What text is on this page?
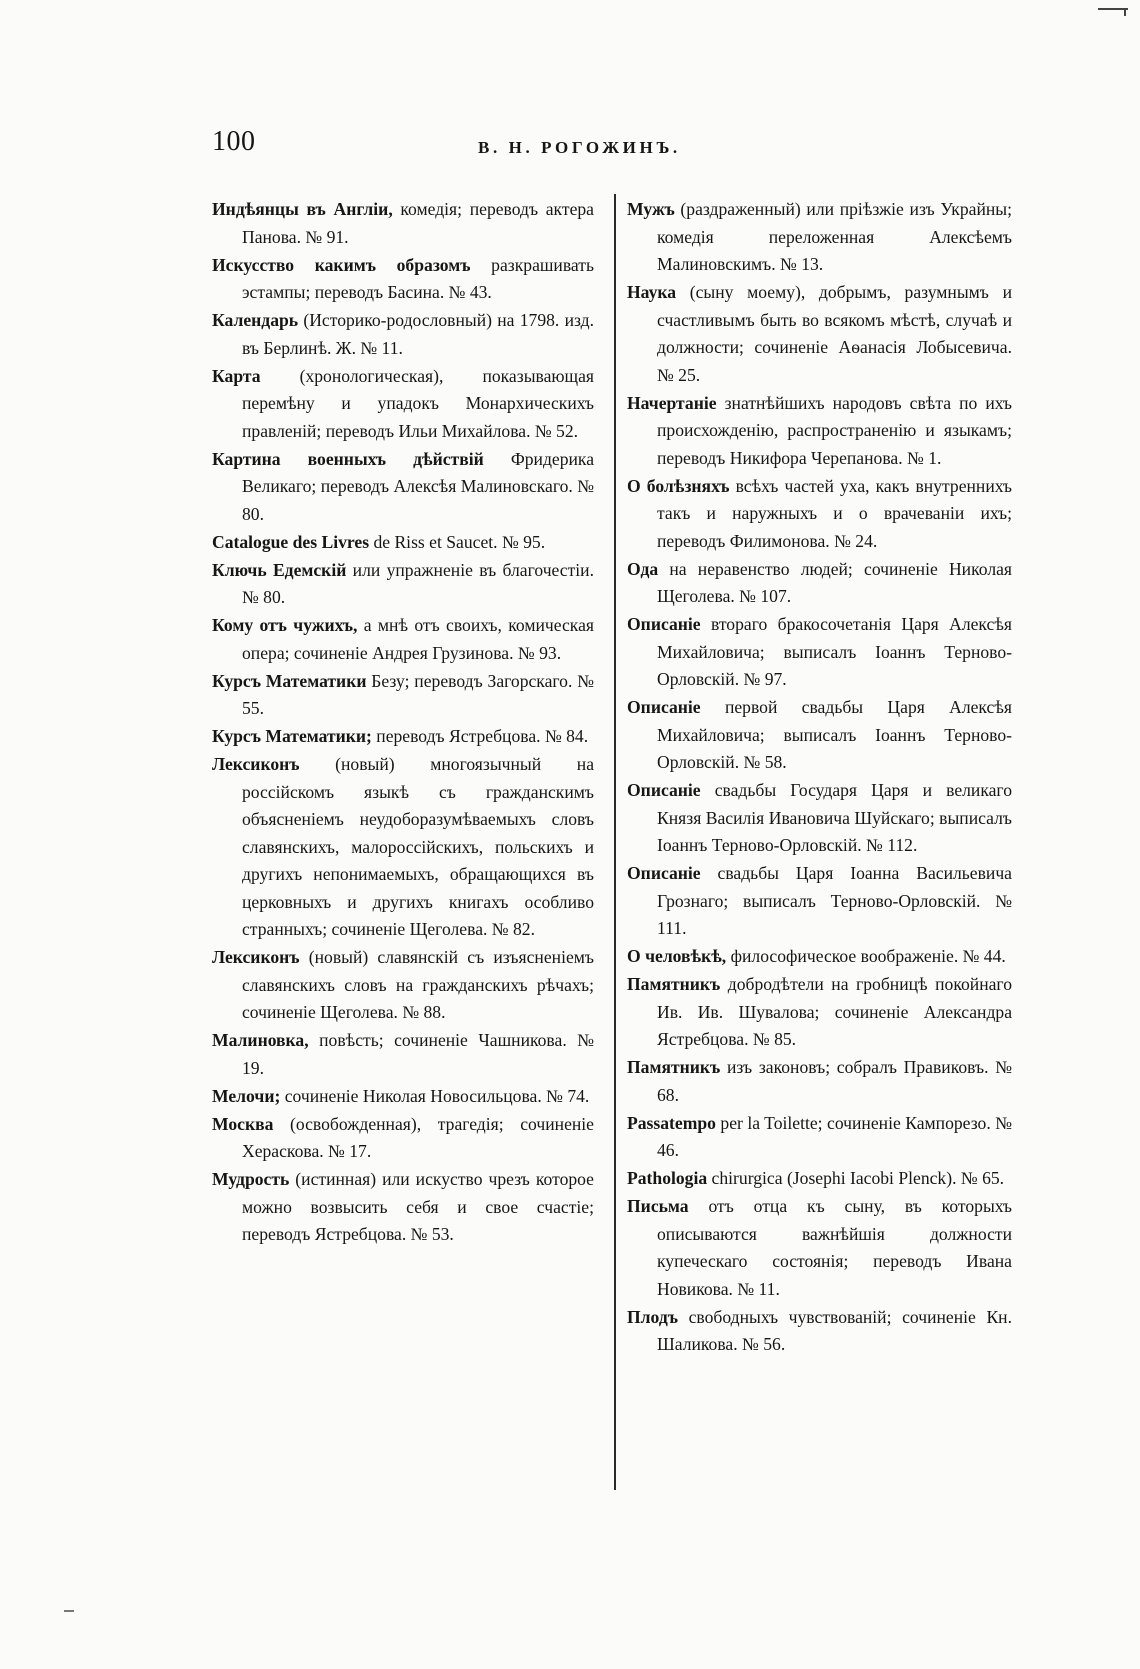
100	В. Н. РОГОЖИНЪ.

Индѣянцы въ Англіи, комедія; переводъ актера Панова. № 91.

Искусство какимъ образомъ разкрашивать эстампы; переводъ Басина. № 43.

Календарь (Историко-родословный) на 1798. изд. въ Берлинѣ. Ж. № 11.

Карта (хронологическая), показывающая перемѣну и упадокъ Монархическихъ правленій; переводъ Ильи Михайлова. № 52.

Картина военныхъ дѣйствій Фридерика Великаго; переводъ Алексѣя Малиновскаго. № 80.

Catalogue des Livres de Riss et Saucet. № 95.

Ключь Едемскій или упражненіе въ благочестіи. № 80.

Кому отъ чужихъ, а мнѣ отъ своихъ, комическая опера; сочиненіе Андрея Грузинова. № 93.

Курсъ Математики Безу; переводъ Загорскаго. № 55.

Курсъ Математики; переводъ Ястребцова. № 84.

Лексиконъ (новый) многоязычный на россійскомъ языкѣ съ гражданскимъ объясненіемъ неудоборазумѣваемыхъ словъ славянскихъ, малороссійскихъ, польскихъ и другихъ непонимаемыхъ, обращающихся въ церковныхъ и другихъ книгахъ особливо странныхъ; сочиненіе Щеголева. № 82.

Лексиконъ (новый) славянскій съ изъясненіемъ славянскихъ словъ на гражданскихъ рѣчахъ; сочиненіе Щеголева. № 88.

Малиновка, повѣсть; сочиненіе Чашникова. № 19.

Мелочи; сочиненіе Николая Новосильцова. № 74.

Москва (освобожденная), трагедія; сочиненіе Хераскова. № 17.

Мудрость (истинная) или искуство чрезъ которое можно возвысить себя и свое счастіе; переводъ Ястребцова. № 53.

Мужъ (раздраженный) или пріѣзжіе изъ Украйны; комедія переложенная Алексѣемъ Малиновскимъ. № 13.

Наука (сыну моему), добрымъ, разумнымъ и счастливымъ быть во всякомъ мѣстѣ, случаѣ и должности; сочиненіе Аѳанасія Лобысевича. № 25.

Начертаніе знатнѣйшихъ народовъ свѣта по ихъ происхожденію, распространенію и языкамъ; переводъ Никифора Черепанова. № 1.

О болѣзняхъ всѣхъ частей уха, какъ внутреннихъ такъ и наружныхъ и о врачеваніи ихъ; переводъ Филимонова. № 24.

Ода на неравенство людей; сочиненіе Николая Щеголева. № 107.

Описаніе втораго бракосочетанія Царя Алексѣя Михайловича; выписалъ Іоаннъ Терново-Орловскій. № 97.

Описаніе первой свадьбы Царя Алексѣя Михайловича; выписалъ Іоаннъ Терново-Орловскій. № 58.

Описаніе свадьбы Государя Царя и великаго Князя Василія Ивановича Шуйскаго; выписалъ Іоаннъ Терново-Орловскій. № 112.

Описаніе свадьбы Царя Іоанна Васильевича Грознаго; выписалъ Терново-Орловскій. № 111.

О человѣкѣ, философическое воображеніе. № 44.

Памятникъ добродѣтели на гробницѣ покойнаго Ив. Ив. Шувалова; сочиненіе Александра Ястребцова. № 85.

Памятникъ изъ законовъ; собралъ Правиковъ. № 68.

Passatempo per la Toilette; сочиненіе Кампорезо. № 46.

Pathologia chirurgica (Josephi Iacobi Plenck). № 65.

Письма отъ отца къ сыну, въ которыхъ описываются важнѣйшія должности купеческаго состоянія; переводъ Ивана Новикова. № 11.

Плодъ свободныхъ чувствованій; сочиненіе Кн. Шаликова. № 56.
